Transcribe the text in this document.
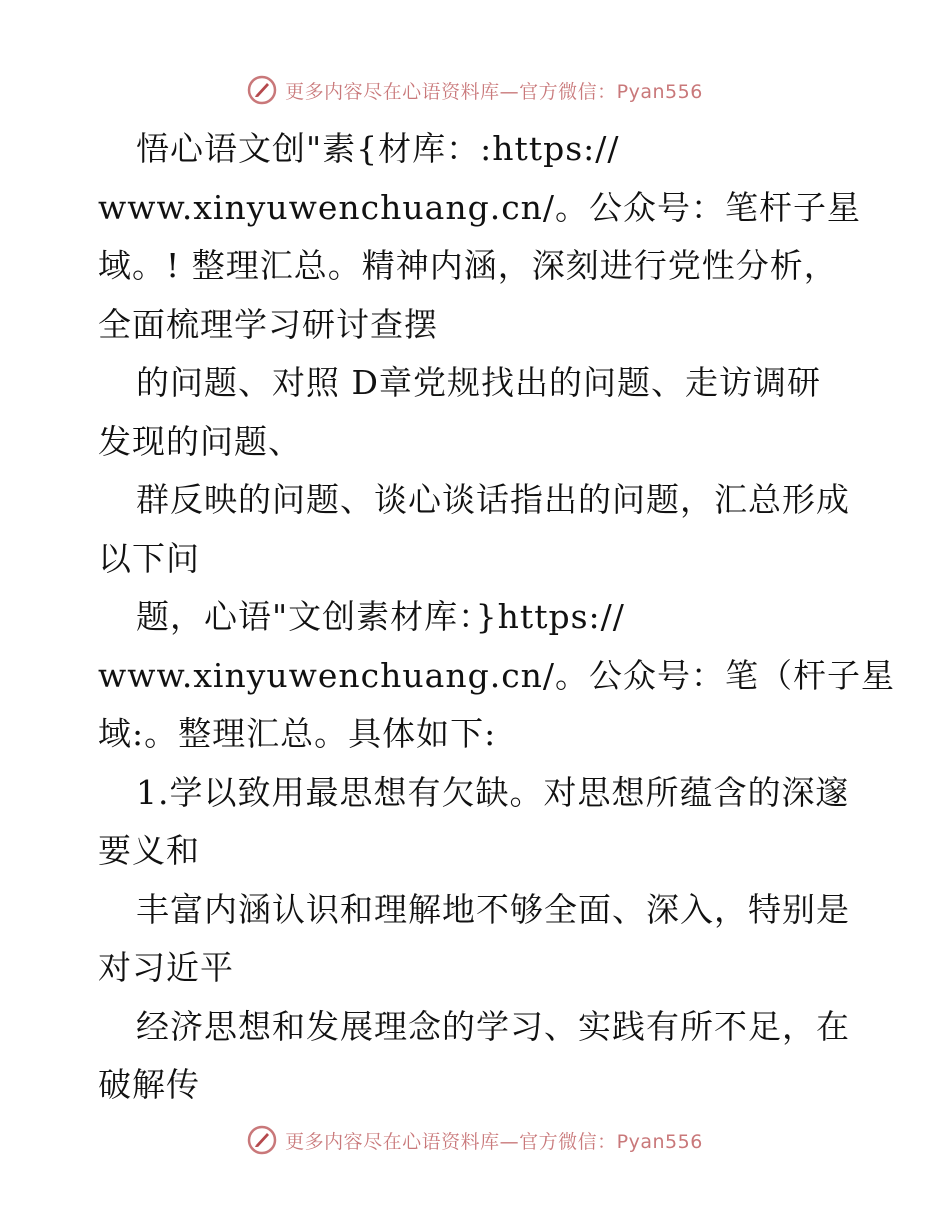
更多内容尽在心语资料库—官方微信：Pyan556
悟心语文创"素{材库：:https://
www.xinyuwenchuang.cn/。公众号：笔杆子星
域。! 整理汇总。精神内涵，深刻进行党性分析，
全面梳理学习研讨查摆
的问题、对照 D章党规找出的问题、走访调研
发现的问题、
群反映的问题、谈心谈话指出的问题，汇总形成
以下问
题，心语"文创素材库：}https://
www.xinyuwenchuang.cn/。公众号：笔（杆子星
域:。整理汇总。具体如下:
1.学以致用最思想有欠缺。对思想所蕴含的深邃
要义和
丰富内涵认识和理解地不够全面、深入，特别是
对习近平
经济思想和发展理念的学习、实践有所不足，在
破解传
更多内容尽在心语资料库—官方微信：Pyan556
